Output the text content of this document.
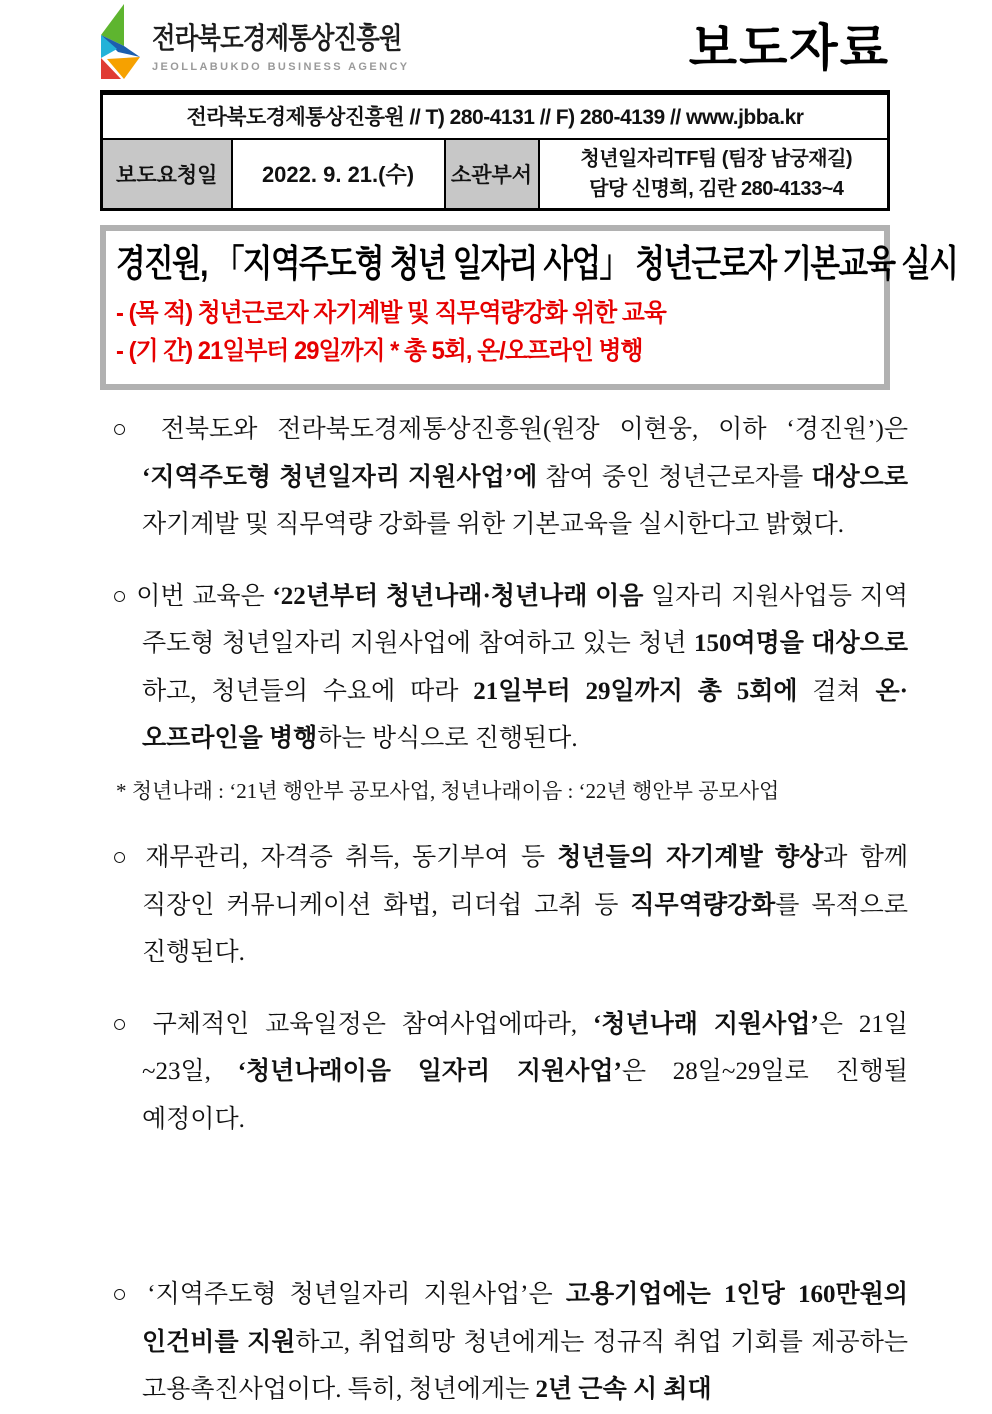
전라북도경제통상진흥원
JEOLLABUKDO BUSINESS AGENCY	보도자료
전라북도경제통상진흥원 // T) 280-4131 // F) 280-4139 // www.jbba.kr
보도요청일	2022. 9. 21.(수)	소관부서	청년일자리TF팀 (팀장 남궁재길)
담당 신명희, 김란 280-4133~4
경진원, 「지역주도형 청년 일자리 사업」 청년근로자 기본교육 실시
- (목 적) 청년근로자 자기계발 및 직무역량강화 위한 교육
- (기 간) 21일부터 29일까지 * 총 5회, 온/오프라인 병행
○ 전북도와 전라북도경제통상진흥원(원장 이현웅, 이하 ‘경진원’)은 ‘지역주도형 청년일자리 지원사업’에 참여 중인 청년근로자를 대상으로 자기계발 및 직무역량 강화를 위한 기본교육을 실시한다고 밝혔다.
○ 이번 교육은 ‘22년부터 청년나래·청년나래 이음 일자리 지원사업등 지역 주도형 청년일자리 지원사업에 참여하고 있는 청년 150여명을 대상으로 하고, 청년들의 수요에 따라 21일부터 29일까지 총 5회에 걸쳐 온·오프라인을 병행하는 방식으로 진행된다.
* 청년나래 : ‘21년 행안부 공모사업, 청년나래이음 : ‘22년 행안부 공모사업
○ 재무관리, 자격증 취득, 동기부여 등 청년들의 자기계발 향상과 함께 직장인 커뮤니케이션 화법, 리더쉽 고취 등 직무역량강화를 목적으로 진행된다.
○ 구체적인 교육일정은 참여사업에따라, ‘청년나래 지원사업’은 21일~23일, ‘청년나래이음 일자리 지원사업’은 28일~29일로 진행될 예정이다.
○ ‘지역주도형 청년일자리 지원사업’은 고용기업에는 1인당 160만원의 인건비를 지원하고, 취업희망 청년에게는 정규직 취업 기회를 제공하는 고용촉진사업이다. 특히, 청년에게는 2년 근속 시 최대
